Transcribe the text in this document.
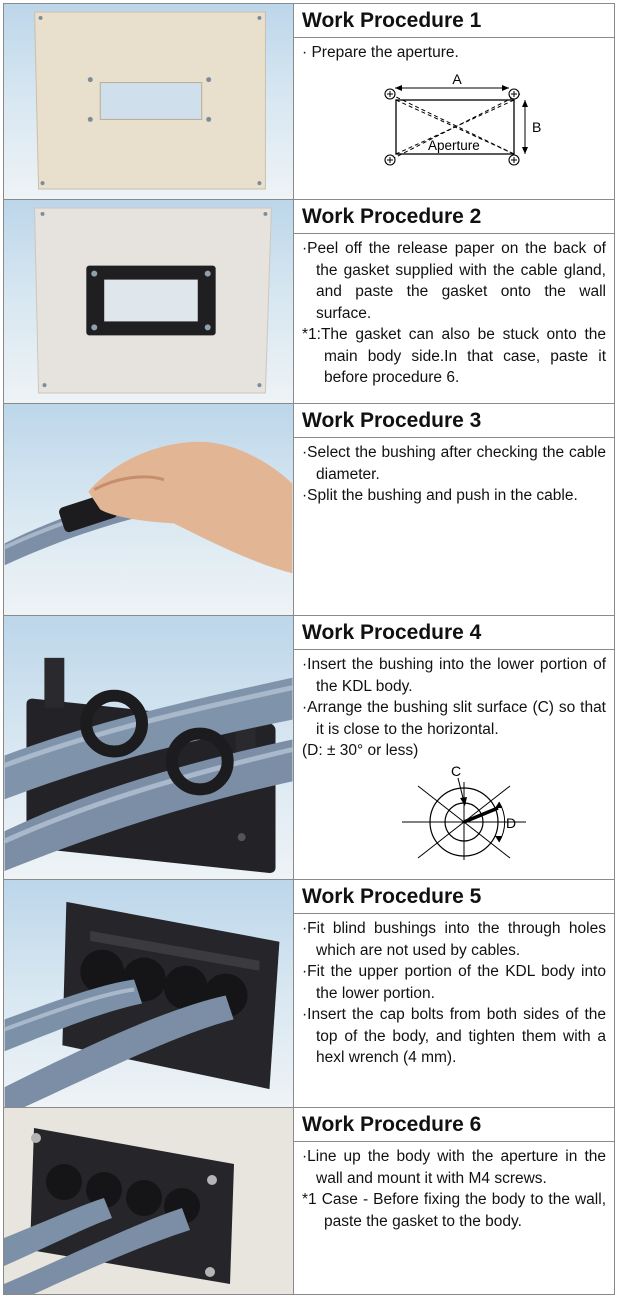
Work Procedure 1

· Prepare the aperture.

A
B
Aperture
Work Procedure 2

·Peel off the release paper on the back of the gasket supplied with the cable gland, and paste the gasket onto the wall surface.

*1:The gasket can also be stuck onto the main body side.In that case, paste it before procedure 6.

Work Procedure 3

·Select the bushing after checking the cable diameter.

·Split the bushing and push in the cable.

Work Procedure 4

·Insert the bushing into the lower portion of the KDL body.

·Arrange the bushing slit surface (C) so that it is close to the horizontal.

(D: ± 30° or less)

C
D
Work Procedure 5

·Fit blind bushings into the through holes which are not used by cables.

·Fit the upper portion of the KDL body into the lower portion.

·Insert the cap bolts from both sides of the top of the body, and tighten them with a hexl wrench (4 mm).

Work Procedure 6

·Line up the body with the aperture in the wall and mount it with M4 screws.

*1 Case - Before fixing the body to the wall, paste the gasket to the body.
